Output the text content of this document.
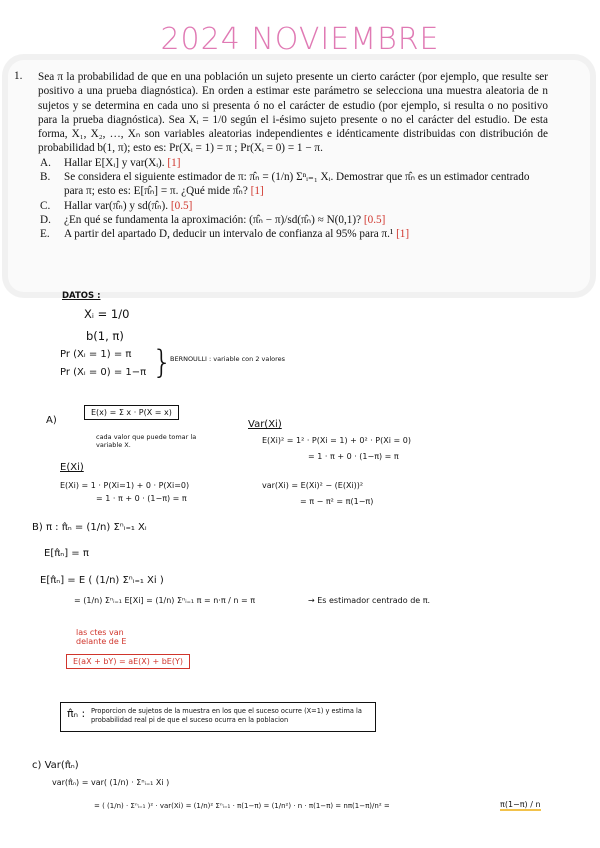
2024 NOVIEMBRE
1. Sea π la probabilidad de que en una población un sujeto presente un cierto carácter (por ejemplo, que resulte ser positivo a una prueba diagnóstica). En orden a estimar este parámetro se selecciona una muestra aleatoria de n sujetos y se determina en cada uno si presenta ó no el carácter de estudio (por ejemplo, si resulta o no positivo para la prueba diagnóstica). Sea Xᵢ = 1/0 según el i-ésimo sujeto presente o no el carácter del estudio. De esta forma, X₁, X₂, …, Xₙ son variables aleatorias independientes e idénticamente distribuidas con distribución de probabilidad b(1, π); esto es: Pr(Xᵢ = 1) = π ; Pr(Xᵢ = 0) = 1 − π.
A. Hallar E[Xᵢ] y var(Xᵢ). [1]
B. Se considera el siguiente estimador de π: π̂ₙ = (1/n) Σⁿᵢ₌₁ Xᵢ. Demostrar que π̂ₙ es un estimador centrado para π; esto es: E[π̂ₙ] = π. ¿Qué mide π̂ₙ? [1]
C. Hallar var(π̂ₙ) y sd(π̂ₙ). [0.5]
D. ¿En qué se fundamenta la aproximación: (π̂ₙ − π)/sd(π̂ₙ) ≈ N(0,1)? [0.5]
E. A partir del apartado D, deducir un intervalo de confianza al 95% para π.¹ [1]
DATOS :
Xᵢ = 1/0
b(1, π)
Pr (Xᵢ = 1) = π
Pr (Xᵢ = 0) = 1−π }
BERNOULLI : variable con 2 valores
A)
E(x) = Σ x · P(X = x)
cada valor que puede tomar la variable X.
E(Xi)
E(Xi) = 1 · P(Xi=1) + 0 · P(Xi=0)
= 1 · π + 0 · (1−π) = π
Var(Xi)
E(Xi)² = 1² · P(Xi = 1) + 0² · P(Xi = 0)
= 1 · π + 0 · (1−π) = π
var(Xi) = E(Xi)² − (E(Xi))²
= π − π² = π(1−π)
B) π : π̂ₙ = (1/n) Σⁿᵢ₌₁ Xᵢ
E[π̂ₙ] = π
E[π̂ₙ] = E ( (1/n) Σⁿᵢ₌₁ Xi )
= (1/n) Σⁿᵢ₌₁ E[Xi] = (1/n) Σⁿᵢ₌₁ π = n·π / n = π	→ Es estimador centrado de π.
las ctes van delante de E
E(aX + bY) = aE(X) + bE(Y)
π̂ₙ : Proporcion de sujetos de la muestra en los que el suceso ocurre (X=1) y estima la probabilidad real pi de que el suceso ocurra en la poblacion
c) Var(π̂ₙ)
var(π̂ₙ) = var( (1/n) · Σⁿᵢ₌₁ Xi )
= ( (1/n) · Σⁿᵢ₌₁ )² · var(Xi) = (1/n)² Σⁿᵢ₌₁ · π(1−π) = (1/n²) · n · π(1−π) = nπ(1−π)/n² =	π(1−π) / n
